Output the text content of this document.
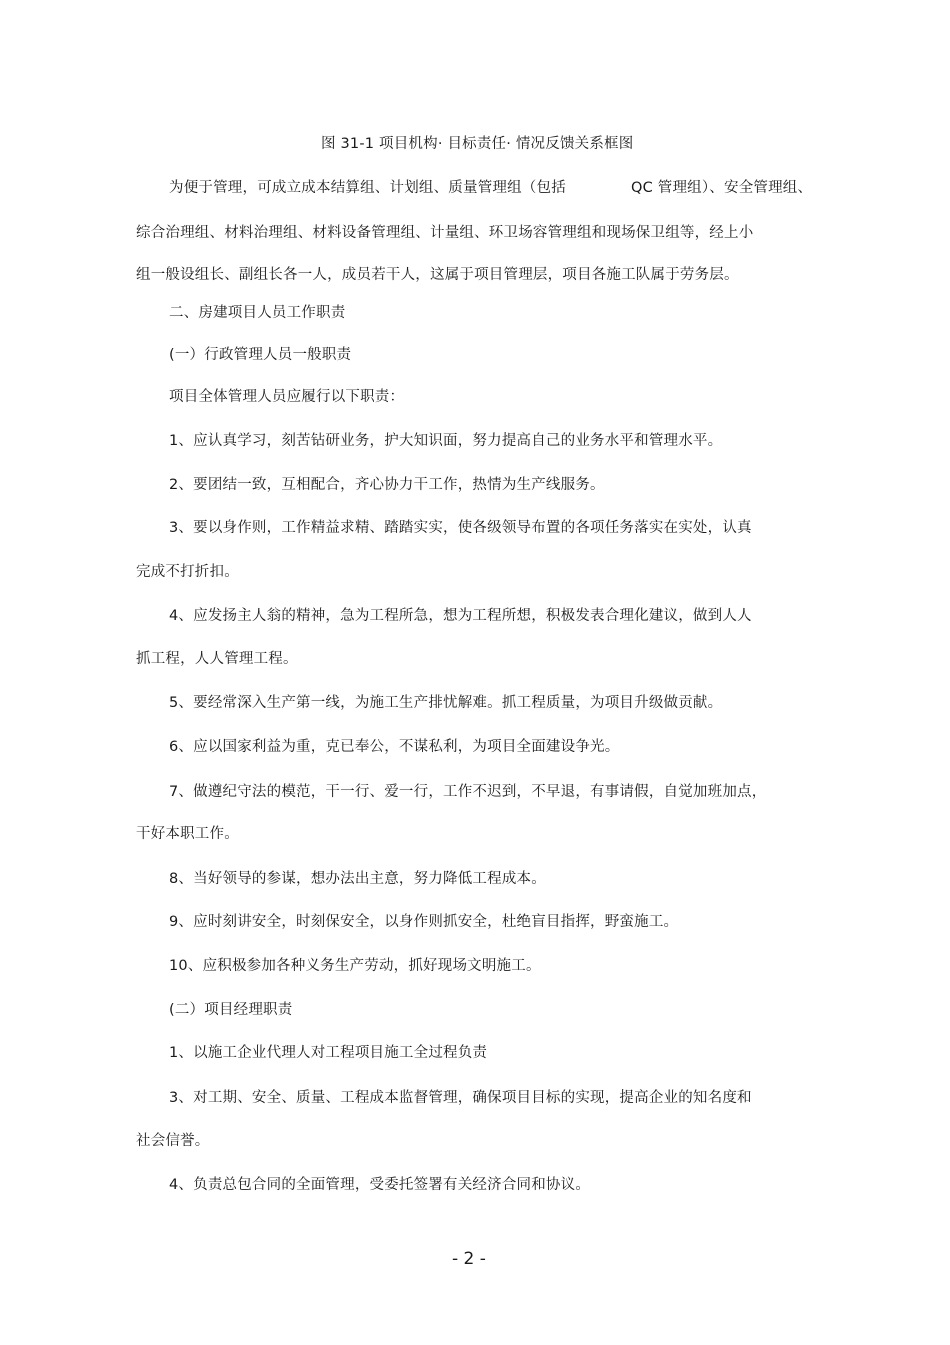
图 31-1 项目机构· 目标责任· 情况反馈关系框图
为便于管理，可成立成本结算组、计划组、质量管理组（包括	QC 管理组）、安全管理组、
综合治理组、材料治理组、材料设备管理组、计量组、环卫场容管理组和现场保卫组等，经上小
组一般设组长、副组长各一人，成员若干人，这属于项目管理层，项目各施工队属于劳务层。
二、房建项目人员工作职责
(一）行政管理人员一般职责
项目全体管理人员应履行以下职责：
1、应认真学习，刻苦钻研业务，护大知识面，努力提高自己的业务水平和管理水平。
2、要团结一致，互相配合，齐心协力干工作，热情为生产线服务。
3、要以身作则，工作精益求精、踏踏实实，使各级领导布置的各项任务落实在实处，认真
完成不打折扣。
4、应发扬主人翁的精神，急为工程所急，想为工程所想，积极发表合理化建议，做到人人
抓工程，人人管理工程。
5、要经常深入生产第一线，为施工生产排忧解难。抓工程质量，为项目升级做贡献。
6、应以国家利益为重，克已奉公，不谋私利，为项目全面建设争光。
7、做遵纪守法的模范，干一行、爱一行，工作不迟到，不早退，有事请假，自觉加班加点，
干好本职工作。
8、当好领导的参谋，想办法出主意，努力降低工程成本。
9、应时刻讲安全，时刻保安全，以身作则抓安全，杜绝盲目指挥，野蛮施工。
10、应积极参加各种义务生产劳动，抓好现场文明施工。
(二）项目经理职责
1、以施工企业代理人对工程项目施工全过程负责
3、对工期、安全、质量、工程成本监督管理，确保项目目标的实现，提高企业的知名度和
社会信誉。
4、负责总包合同的全面管理，受委托签署有关经济合同和协议。
- 2 -
